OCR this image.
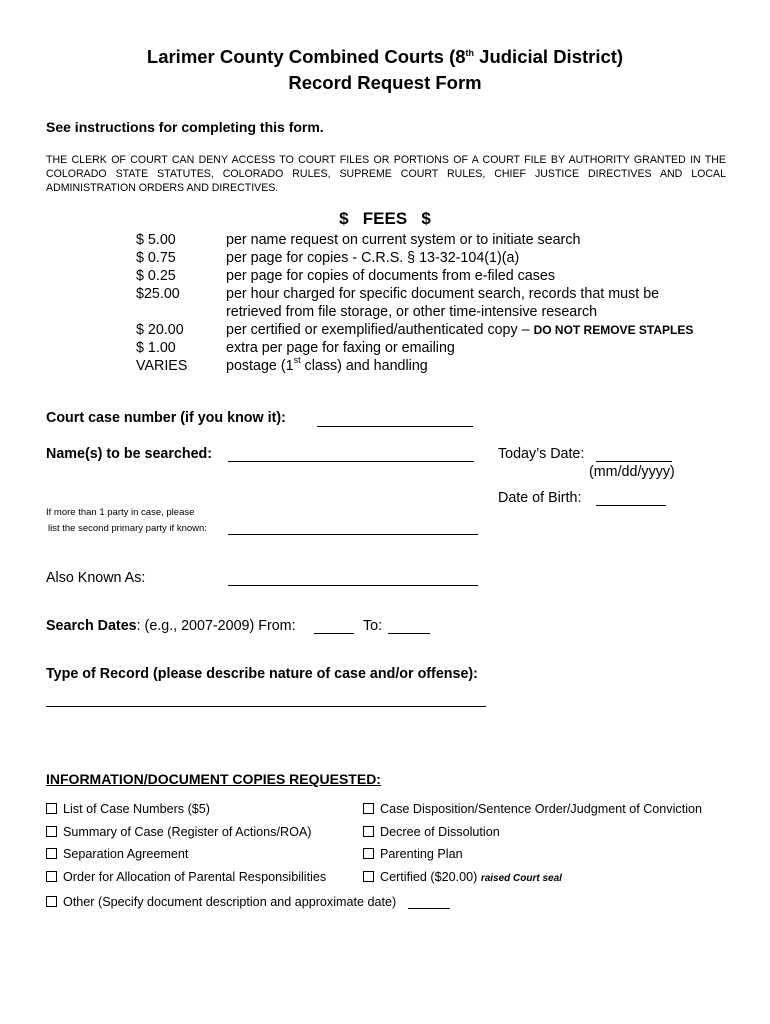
Larimer County Combined Courts (8th Judicial District)
Record Request Form
See instructions for completing this form.
THE CLERK OF COURT CAN DENY ACCESS TO COURT FILES OR PORTIONS OF A COURT FILE BY AUTHORITY GRANTED IN THE COLORADO STATE STATUTES, COLORADO RULES, SUPREME COURT RULES, CHIEF JUSTICE DIRECTIVES AND LOCAL ADMINISTRATION ORDERS AND DIRECTIVES.
$   FEES   $
$ 5.00	per name request on current system or to initiate search
$ 0.75	per page for copies - C.R.S. § 13-32-104(1)(a)
$ 0.25	per page for copies of documents from e-filed cases
$25.00	per hour charged for specific document search, records that must be
retrieved from file storage, or other time-intensive research
$ 20.00	per certified or exemplified/authenticated copy – DO NOT REMOVE STAPLES
$ 1.00	extra per page for faxing or emailing
VARIES	postage (1st class) and handling
Court case number (if you know it):
Name(s) to be searched:	Today’s Date:
(mm/dd/yyyy)
Date of Birth:
If more than 1 party in case, please
list the second primary party if known:
Also Known As:
Search Dates: (e.g., 2007-2009) From:	To:
Type of Record (please describe nature of case and/or offense):
INFORMATION/DOCUMENT COPIES REQUESTED:
List of Case Numbers ($5)
Summary of Case (Register of Actions/ROA)
Separation Agreement
Order for Allocation of Parental Responsibilities
Case Disposition/Sentence Order/Judgment of Conviction
Decree of Dissolution
Parenting Plan
Certified ($20.00) raised Court seal
Other (Specify document description and approximate date)
